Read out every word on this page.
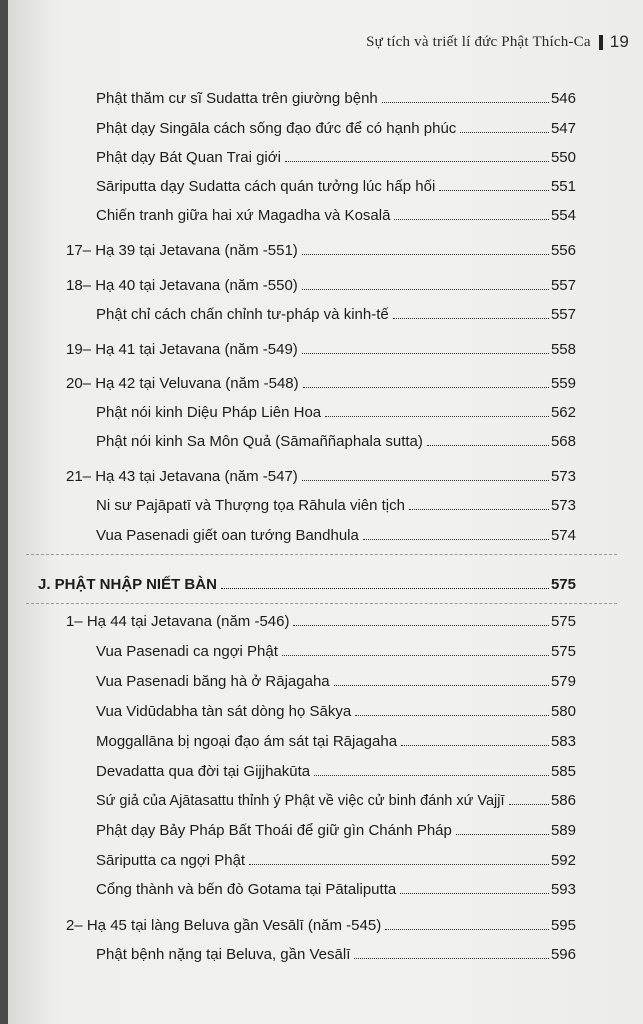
Sự tích và triết lí đức Phật Thích-Ca 19
Phật thăm cư sĩ Sudatta trên giường bệnh	546
Phật dạy Singāla cách sống đạo đức để có hạnh phúc	547
Phật dạy Bát Quan Trai giới	550
Sāriputta dạy Sudatta cách quán tưởng lúc hấp hối	551
Chiến tranh giữa hai xứ Magadha và Kosalā	554
17– Hạ 39 tại Jetavana (năm -551)	556
18– Hạ 40 tại Jetavana (năm -550)	557
Phật chỉ cách chấn chỉnh tư-pháp và kinh-tế	557
19– Hạ 41 tại Jetavana (năm -549)	558
20– Hạ 42 tại Veluvana (năm -548)	559
Phật nói kinh Diệu Pháp Liên Hoa	562
Phật nói kinh Sa Môn Quả (Sāmaññaphala sutta)	568
21– Hạ 43 tại Jetavana (năm -547)	573
Ni sư Pajāpatī và Thượng tọa Rāhula viên tịch	573
Vua Pasenadi giết oan tướng Bandhula	574
J. PHẬT NHẬP NIẾT BÀN	575
1– Hạ 44 tại Jetavana (năm -546)	575
Vua Pasenadi ca ngợi Phật	575
Vua Pasenadi băng hà ở Rājagaha	579
Vua Vidūdabha tàn sát dòng họ Sākya	580
Moggallāna bị ngoại đạo ám sát tại Rājagaha	583
Devadatta qua đời tại Gijjhakūta	585
Sứ giả của Ajātasattu thỉnh ý Phật về việc cử binh đánh xứ Vajjī	586
Phật dạy Bảy Pháp Bất Thoái để giữ gìn Chánh Pháp	589
Sāriputta ca ngợi Phật	592
Cổng thành và bến đò Gotama tại Pātaliputta	593
2– Hạ 45 tại làng Beluva gần Vesālī (năm -545)	595
Phật bệnh nặng tại Beluva, gần Vesālī	596
